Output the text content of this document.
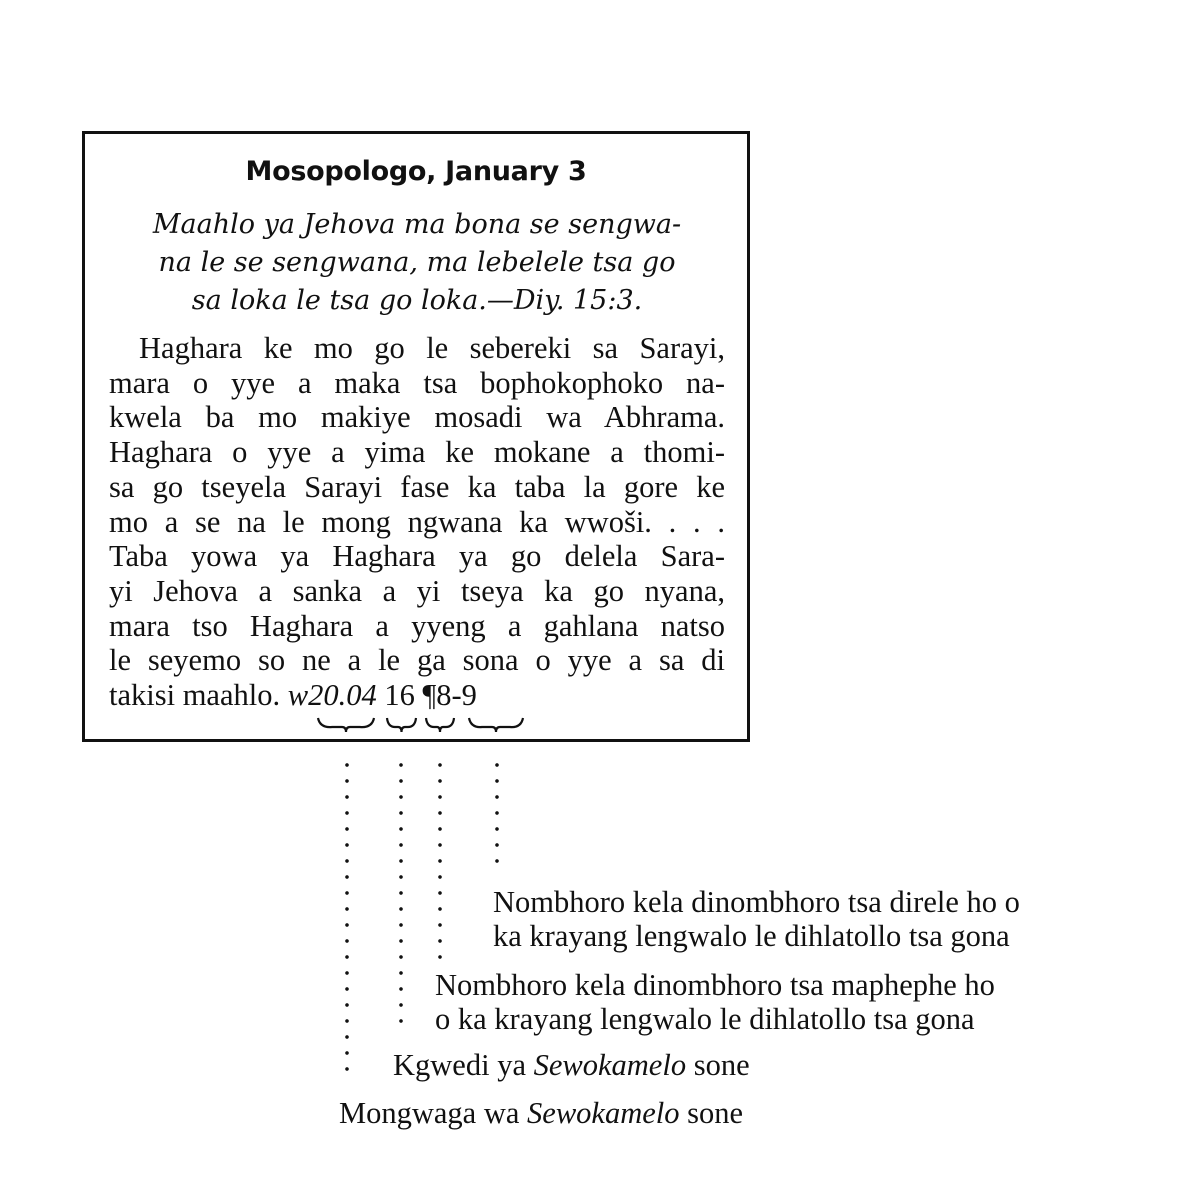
Mosopologo, January 3
Maahlo ya Jehova ma bona se sengwa-
na le se sengwana, ma lebelele tsa go
sa loka le tsa go loka.—Diy. 15:3.
Haghara ke mo go le sebereki sa Sarayi,
mara o yye a maka tsa bophokophoko na-
kwela ba mo makiye mosadi wa Abhrama.
Haghara o yye a yima ke mokane a thomi-
sa go tseyela Sarayi fase ka taba la gore ke
mo a se na le mong ngwana ka wwoši. . . .
Taba yowa ya Haghara ya go delela Sara-
yi Jehova a sanka a yi tseya ka go nyana,
mara tso Haghara a yyeng a gahlana natso
le seyemo so ne a le ga sona o yye a sa di
takisi maahlo. w20.04 16 ¶8-9
Nombhoro kela dinombhoro tsa direle ho o
ka krayang lengwalo le dihlatollo tsa gona
Nombhoro kela dinombhoro tsa maphephe ho
o ka krayang lengwalo le dihlatollo tsa gona
Kgwedi ya Sewokamelo sone
Mongwaga wa Sewokamelo sone
